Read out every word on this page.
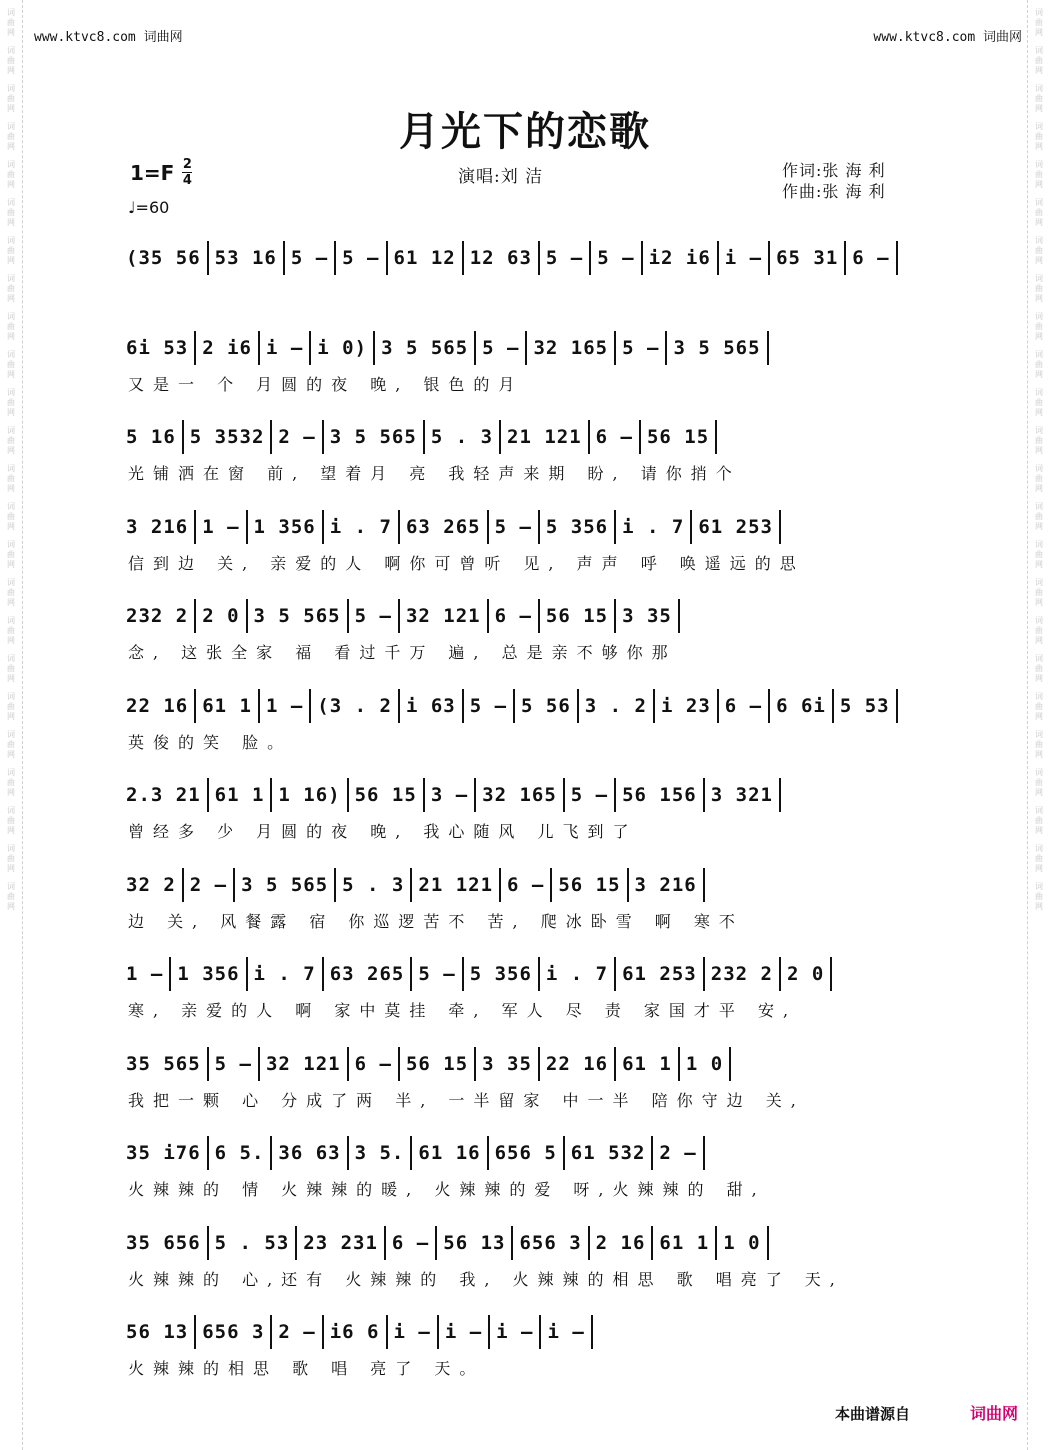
词曲网
词曲网
词曲网
词曲网
词曲网
词曲网
词曲网
词曲网
词曲网
词曲网
词曲网
词曲网
词曲网
词曲网
词曲网
词曲网
词曲网
词曲网
词曲网
词曲网
词曲网
词曲网
词曲网
词曲网
词曲网
词曲网
词曲网
词曲网
词曲网
词曲网
词曲网
词曲网
词曲网
词曲网
词曲网
词曲网
词曲网
词曲网
词曲网
词曲网
词曲网
词曲网
词曲网
词曲网
词曲网
词曲网
词曲网
词曲网
www.ktvc8.com 词曲网	www.ktvc8.com 词曲网
月光下的恋歌
$1=F \frac{2}{4}$
♩=60
演唱:刘 洁	作词:张 海 利
作曲:张 海 利
(35 56 53 16 5 – 5 – 61 12 12 63 5 – 5 – i2 i6 i – 65 31 6 –
6i 53 2 i6 i – i 0) 3 5 565 5 – 32 165 5 – 3 5 565
又是一 个 月圆的夜 晚, 银色的月
5 16 5 3532 2 – 3 5 565 5 . 3 21 121 6 – 56 15
光铺洒在窗 前, 望着月 亮 我轻声来期 盼, 请你捎个
3 216 1 – 1 356 i . 7 63 265 5 – 5 356 i . 7 61 253
信到边 关, 亲爱的人 啊你可曾听 见, 声声 呼 唤遥远的思
232 2 2 0 3 5 565 5 – 32 121 6 – 56 15 3 35
念, 这张全家 福 看过千万 遍, 总是亲不够你那
22 16 61 1 1 – (3 . 2 i 63 5 – 5 56 3 . 2 i 23 6 – 6 6i 5 53
英俊的笑 脸。
2.3 21 61 1 1 16) 56 15 3 – 32 165 5 – 56 156 3 321
曾经多 少 月圆的夜 晚, 我心随风 儿飞到了
32 2 2 – 3 5 565 5 . 3 21 121 6 – 56 15 3 216
边 关, 风餐露 宿 你巡逻苦不 苦, 爬冰卧雪 啊 寒不
1 – 1 356 i . 7 63 265 5 – 5 356 i . 7 61 253 232 2 2 0
寒, 亲爱的人 啊 家中莫挂 牵, 军人 尽 责 家国才平 安,
35 565 5 – 32 121 6 – 56 15 3 35 22 16 61 1 1 0
我把一颗 心 分成了两 半, 一半留家 中一半 陪你守边 关,
35 i76 6 5. 36 63 3 5. 61 16 656 5 61 532 2 –
火辣辣的 情 火辣辣的暖, 火辣辣的爱 呀,火辣辣的 甜,
35 656 5 . 53 23 231 6 – 56 13 656 3 2 16 61 1 1 0
火辣辣的 心,还有 火辣辣的 我, 火辣辣的相思 歌 唱亮了 天,
56 13 656 3 2 – i6 6 i – i – i – i –
火辣辣的相思 歌 唱 亮了 天。
本曲谱源自	词曲网
